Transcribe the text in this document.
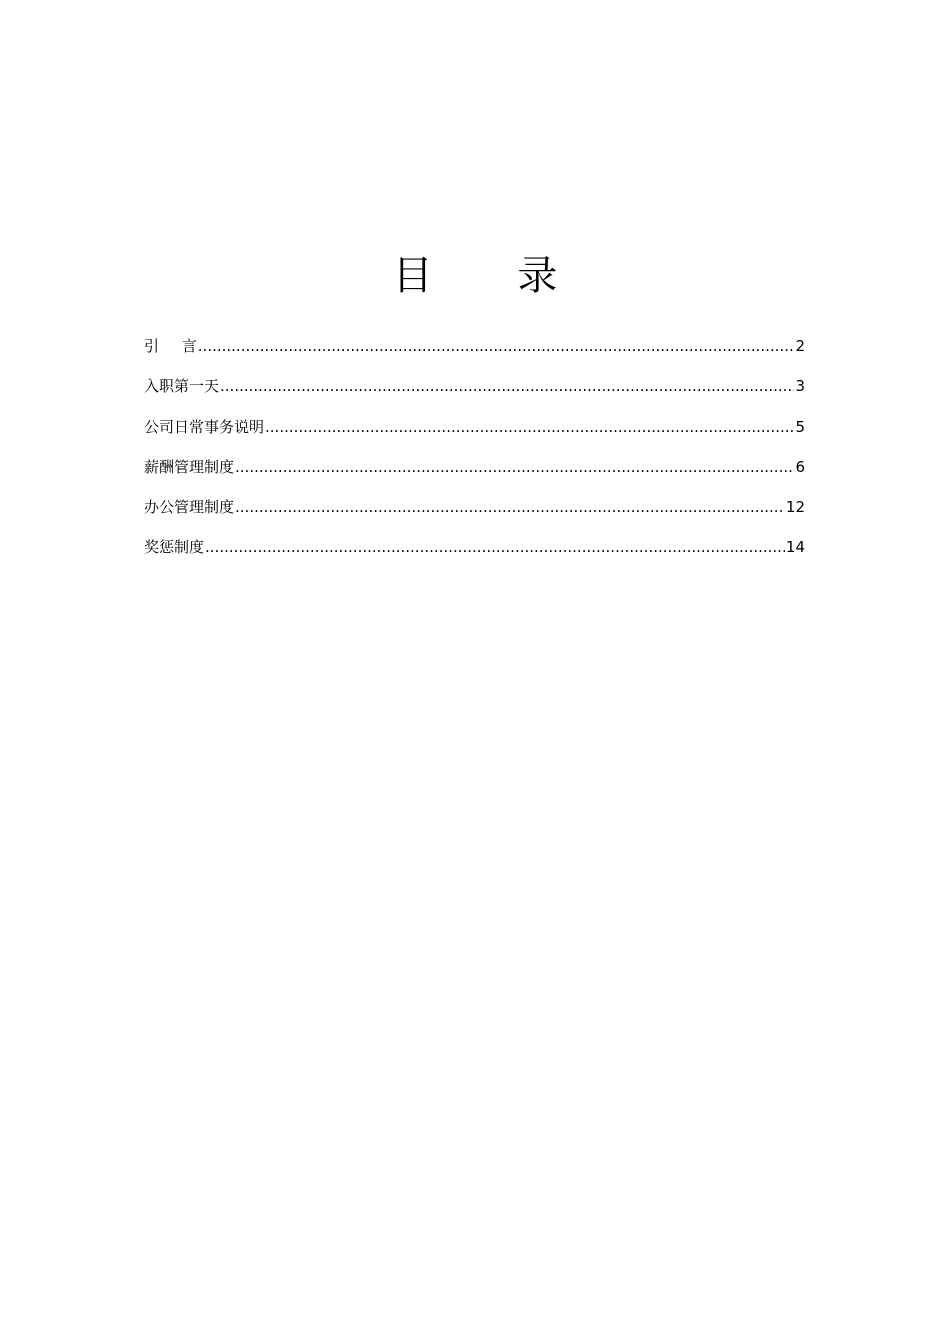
目 录
引 言 .....	2
入职第一天 .....	3
公司日常事务说明 .....	5
薪酬管理制度 .....	6
办公管理制度 .....	12
奖惩制度 .....	14
